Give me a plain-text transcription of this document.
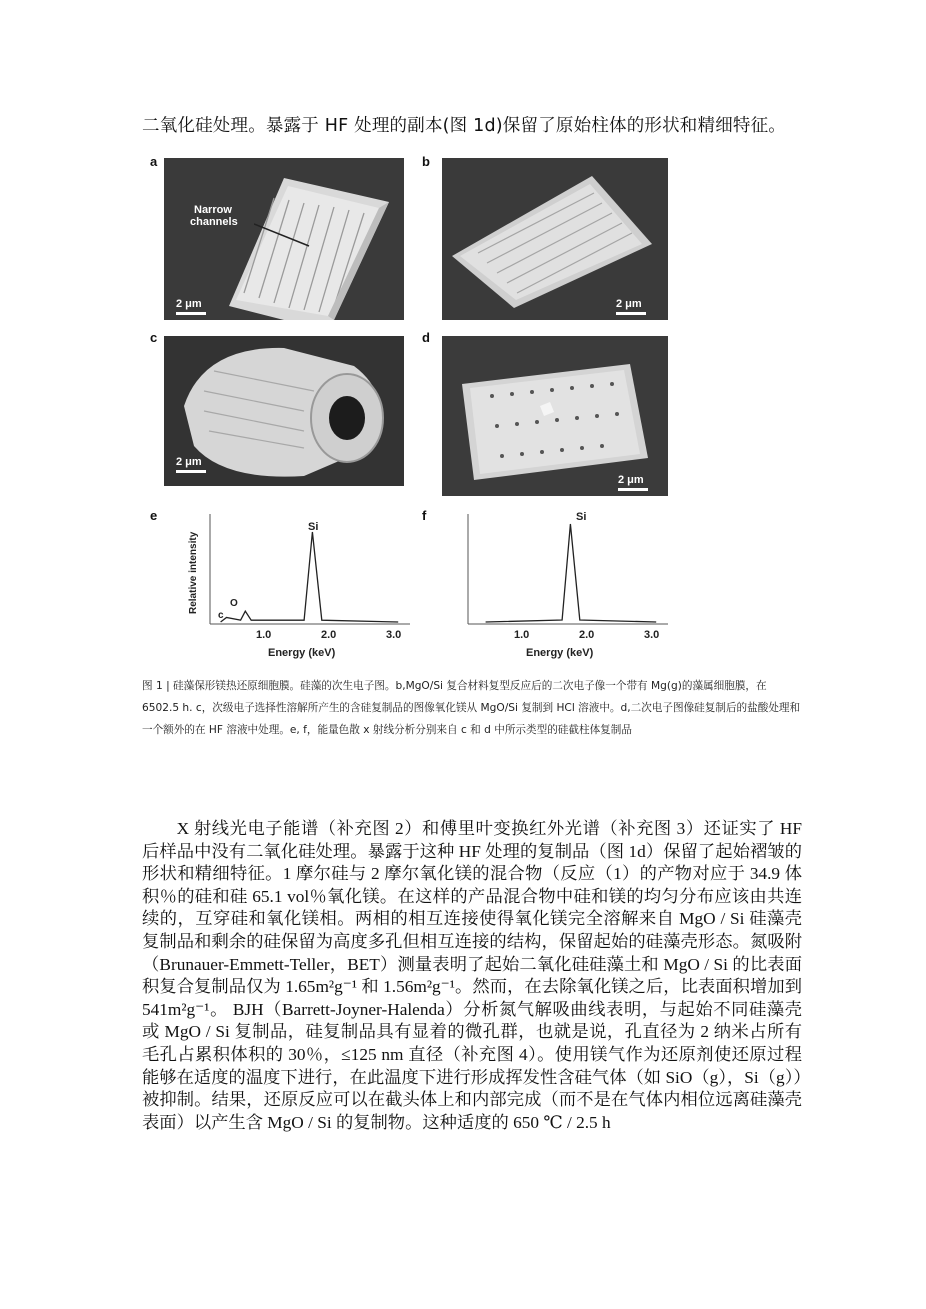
二氧化硅处理。暴露于 HF 处理的副本(图 1d)保留了原始柱体的形状和精细特征。
a
Narrow
channels
2 μm
b
2 μm
c
2 μm
d
2 μm
e
Relative intensity
c
O
Si
1.0	2.0	3.0
Energy (keV)
f	Si
1.0	2.0	3.0
Energy (keV)
图 1 | 硅藻保形镁热还原细胞膜。硅藻的次生电子图。b,MgO/Si 复合材料复型反应后的二次电子像一个带有 Mg(g)的藻属细胞膜，在 6502.5 h. c，次级电子选择性溶解所产生的含硅复制品的图像氧化镁从 MgO/Si 复制到 HCl 溶液中。d,二次电子图像硅复制后的盐酸处理和一个额外的在 HF 溶液中处理。e, f，能量色散 x 射线分析分别来自 c 和 d 中所示类型的硅截柱体复制品

X 射线光电子能谱（补充图 2）和傅里叶变换红外光谱（补充图 3）还证实了 HF 后样品中没有二氧化硅处理。暴露于这种 HF 处理的复制品（图 1d）保留了起始褶皱的形状和精细特征。1 摩尔硅与 2 摩尔氧化镁的混合物（反应（1）的产物对应于 34.9 体积％的硅和硅 65.1 vol％氧化镁。在这样的产品混合物中硅和镁的均匀分布应该由共连续的，互穿硅和氧化镁相。两相的相互连接使得氧化镁完全溶解来自 MgO / Si 硅藻壳复制品和剩余的硅保留为高度多孔但相互连接的结构，保留起始的硅藻壳形态。氮吸附（Brunauer-Emmett-Teller，BET）测量表明了起始二氧化硅硅藻土和 MgO / Si 的比表面积复合复制品仅为 1.65m²g⁻¹ 和 1.56m²g⁻¹。然而，在去除氧化镁之后，比表面积增加到 541m²g⁻¹。 BJH（Barrett-Joyner-Halenda）分析氮气解吸曲线表明，与起始不同硅藻壳或 MgO / Si 复制品，硅复制品具有显着的微孔群，也就是说，孔直径为 2 纳米占所有毛孔占累积体积的 30％，≤125 nm 直径（补充图 4）。使用镁气作为还原剂使还原过程能够在适度的温度下进行，在此温度下进行形成挥发性含硅气体（如 SiO（g），Si（g））被抑制。结果，还原反应可以在截头体上和内部完成（而不是在气体内相位远离硅藻壳表面）以产生含 MgO / Si 的复制物。这种适度的 650 ℃ / 2.5 h
